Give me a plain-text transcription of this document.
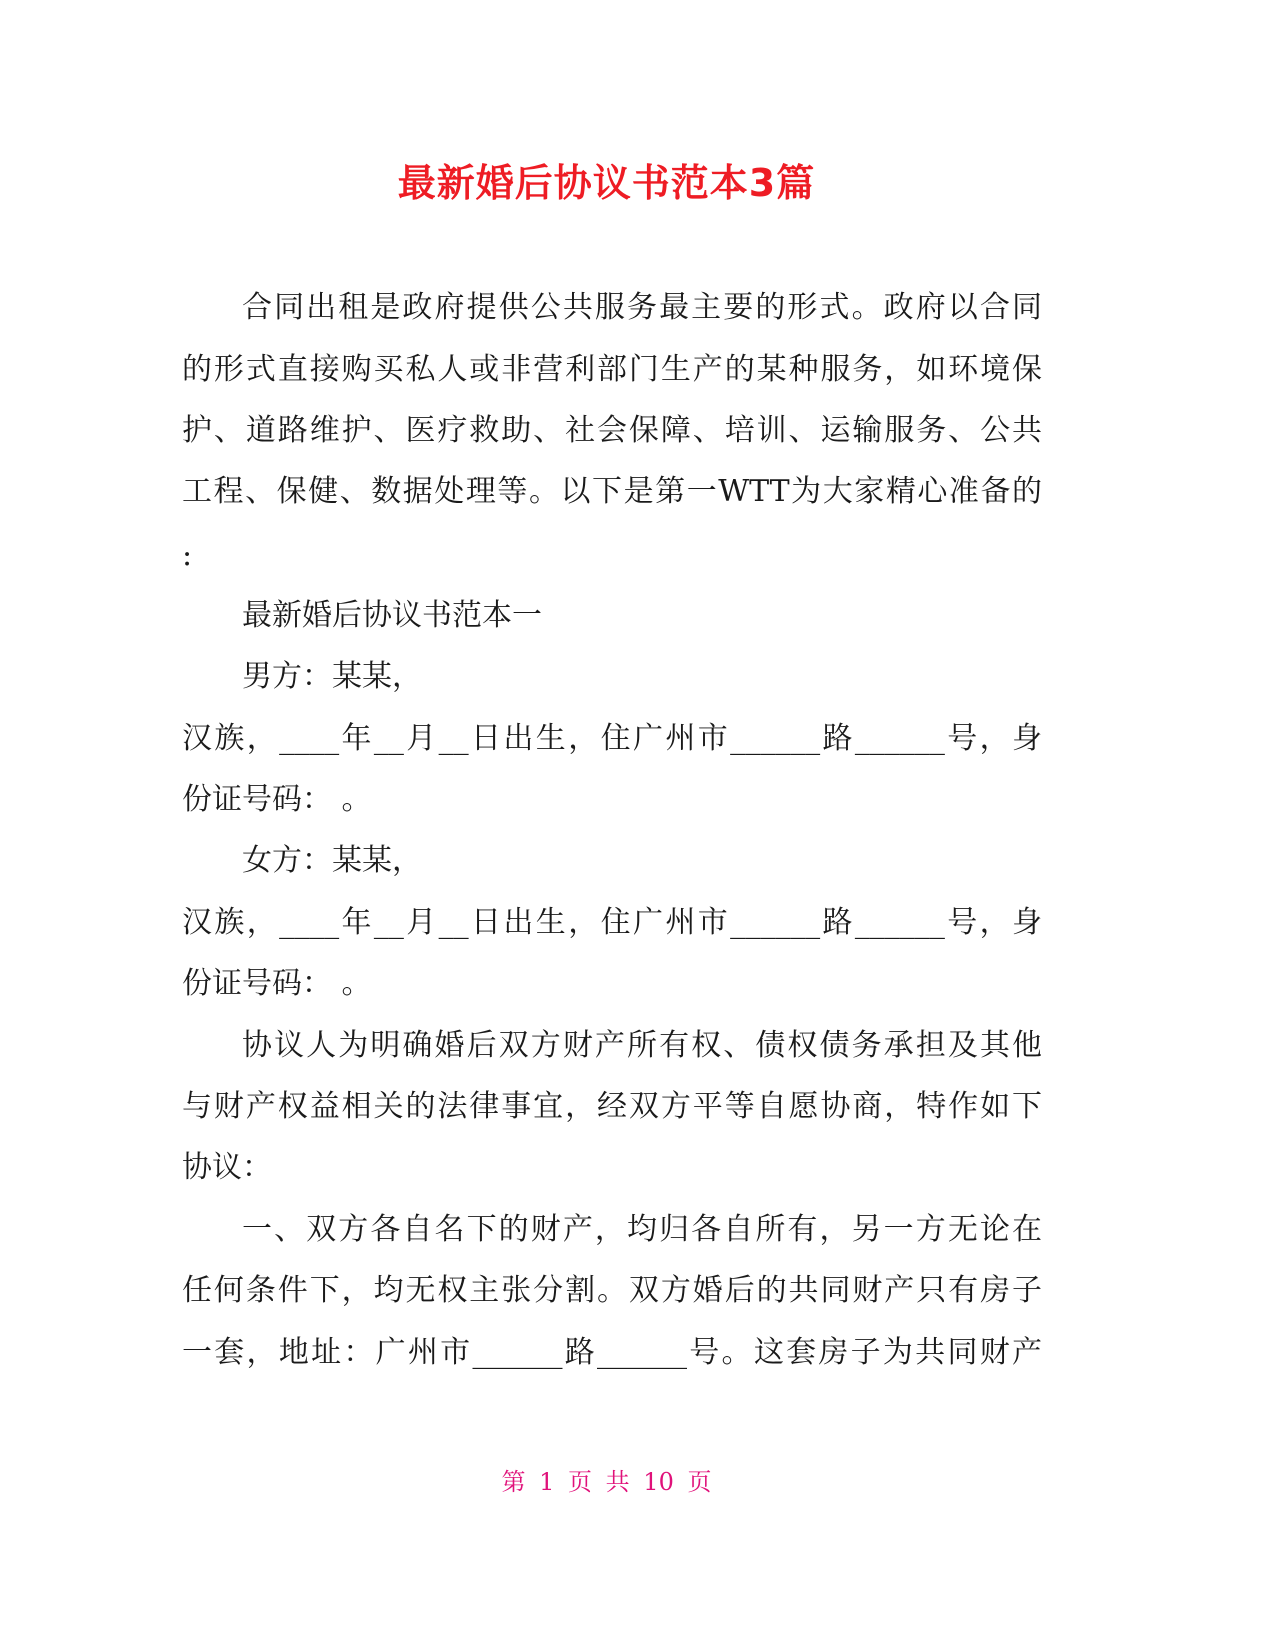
最新婚后协议书范本3篇
合同出租是政府提供公共服务最主要的形式。政府以合同
的形式直接购买私人或非营利部门生产的某种服务，如环境保
护、道路维护、医疗救助、社会保障、培训、运输服务、公共
工程、保健、数据处理等。以下是第一WTT为大家精心准备的
:
最新婚后协议书范本一
男方：某某，
汉族，____年__月__日出生，住广州市______路______号，身
份证号码： 。
女方：某某，
汉族，____年__月__日出生，住广州市______路______号，身
份证号码： 。
协议人为明确婚后双方财产所有权、债权债务承担及其他
与财产权益相关的法律事宜，经双方平等自愿协商，特作如下
协议：
一、双方各自名下的财产，均归各自所有，另一方无论在
任何条件下，均无权主张分割。双方婚后的共同财产只有房子
一套，地址：广州市______路______号。这套房子为共同财产
第 1 页 共 10 页
